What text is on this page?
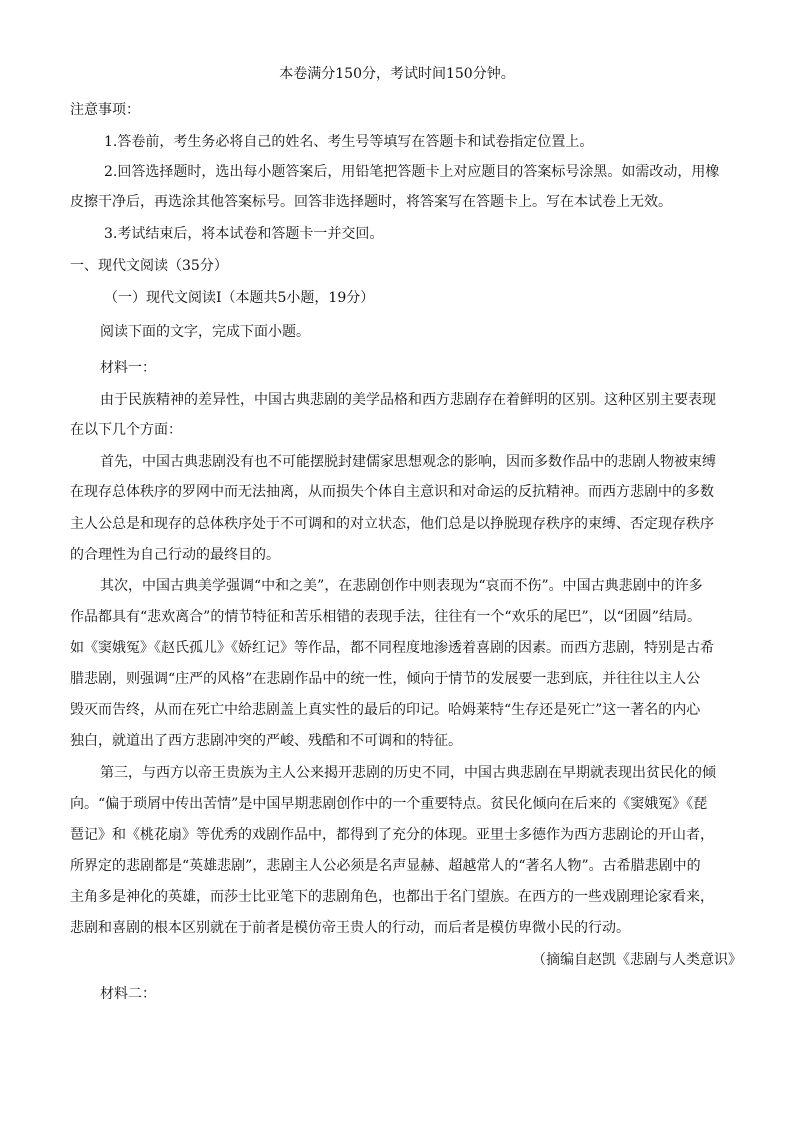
本卷满分150分，考试时间150分钟。
注意事项：
1.答卷前，考生务必将自己的姓名、考生号等填写在答题卡和试卷指定位置上。
2.回答选择题时，选出每小题答案后，用铅笔把答题卡上对应题目的答案标号涂黑。如需改动，用橡
皮擦干净后，再选涂其他答案标号。回答非选择题时，将答案写在答题卡上。写在本试卷上无效。
3.考试结束后，将本试卷和答题卡一并交回。
一、现代文阅读（35分）
（一）现代文阅读Ⅰ（本题共5小题，19分）
阅读下面的文字，完成下面小题。
材料一：
由于民族精神的差异性，中国古典悲剧的美学品格和西方悲剧存在着鲜明的区别。这种区别主要表现
在以下几个方面：
首先，中国古典悲剧没有也不可能摆脱封建儒家思想观念的影响，因而多数作品中的悲剧人物被束缚
在现存总体秩序的罗网中而无法抽离，从而损失个体自主意识和对命运的反抗精神。而西方悲剧中的多数
主人公总是和现存的总体秩序处于不可调和的对立状态，他们总是以挣脱现存秩序的束缚、否定现存秩序
的合理性为自己行动的最终目的。
其次，中国古典美学强调“中和之美”，在悲剧创作中则表现为“哀而不伤”。中国古典悲剧中的许多
作品都具有“悲欢离合”的情节特征和苦乐相错的表现手法，往往有一个“欢乐的尾巴”，以“团圆”结局。
如《窦娥冤》《赵氏孤儿》《娇红记》等作品，都不同程度地渗透着喜剧的因素。而西方悲剧，特别是古希
腊悲剧，则强调“庄严的风格”在悲剧作品中的统一性，倾向于情节的发展要一悲到底，并往往以主人公
毁灭而告终，从而在死亡中给悲剧盖上真实性的最后的印记。哈姆莱特“生存还是死亡”这一著名的内心
独白，就道出了西方悲剧冲突的严峻、残酷和不可调和的特征。
第三，与西方以帝王贵族为主人公来揭开悲剧的历史不同，中国古典悲剧在早期就表现出贫民化的倾
向。“偏于琐屑中传出苦情”是中国早期悲剧创作中的一个重要特点。贫民化倾向在后来的《窦娥冤》《琵
琶记》和《桃花扇》等优秀的戏剧作品中，都得到了充分的体现。亚里士多德作为西方悲剧论的开山者，
所界定的悲剧都是“英雄悲剧”，悲剧主人公必须是名声显赫、超越常人的“著名人物”。古希腊悲剧中的
主角多是神化的英雄，而莎士比亚笔下的悲剧角色，也都出于名门望族。在西方的一些戏剧理论家看来，
悲剧和喜剧的根本区别就在于前者是模仿帝王贵人的行动，而后者是模仿卑微小民的行动。
（摘编自赵凯《悲剧与人类意识》
材料二：
